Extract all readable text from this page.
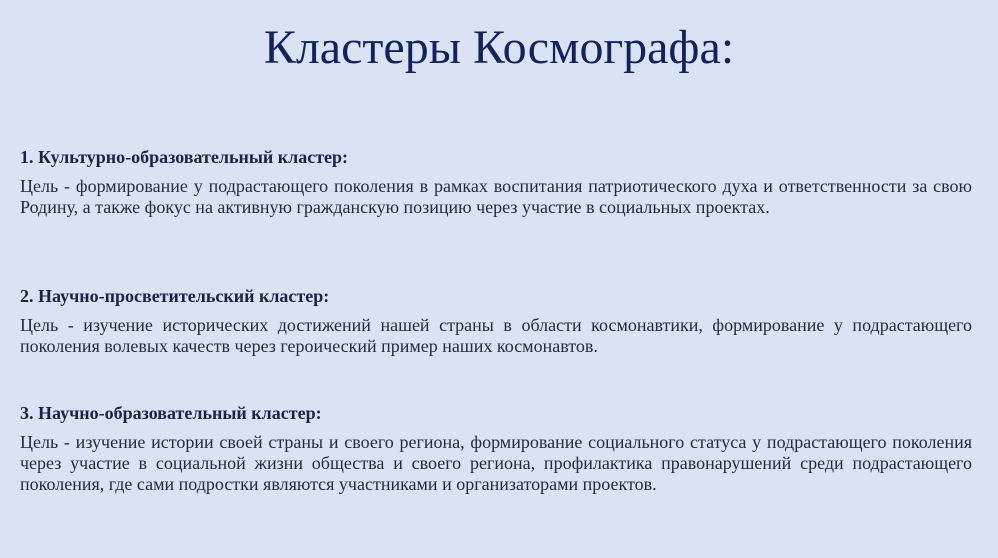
Кластеры Космографа:

1. Культурно-образовательный кластер:

Цель - формирование у подрастающего поколения в рамках воспитания патриотического духа и ответственности за свою Родину, а также фокус на активную гражданскую позицию через участие в социальных проектах.

2. Научно-просветительский кластер:

Цель - изучение исторических достижений нашей страны в области космонавтики, формирование у подрастающего поколения волевых качеств через героический пример наших космонавтов.

3. Научно-образовательный кластер:

Цель - изучение истории своей страны и своего региона, формирование социального статуса у подрастающего поколения через участие в социальной жизни общества и своего региона, профилактика правонарушений среди подрастающего поколения, где сами подростки являются участниками и организаторами проектов.
